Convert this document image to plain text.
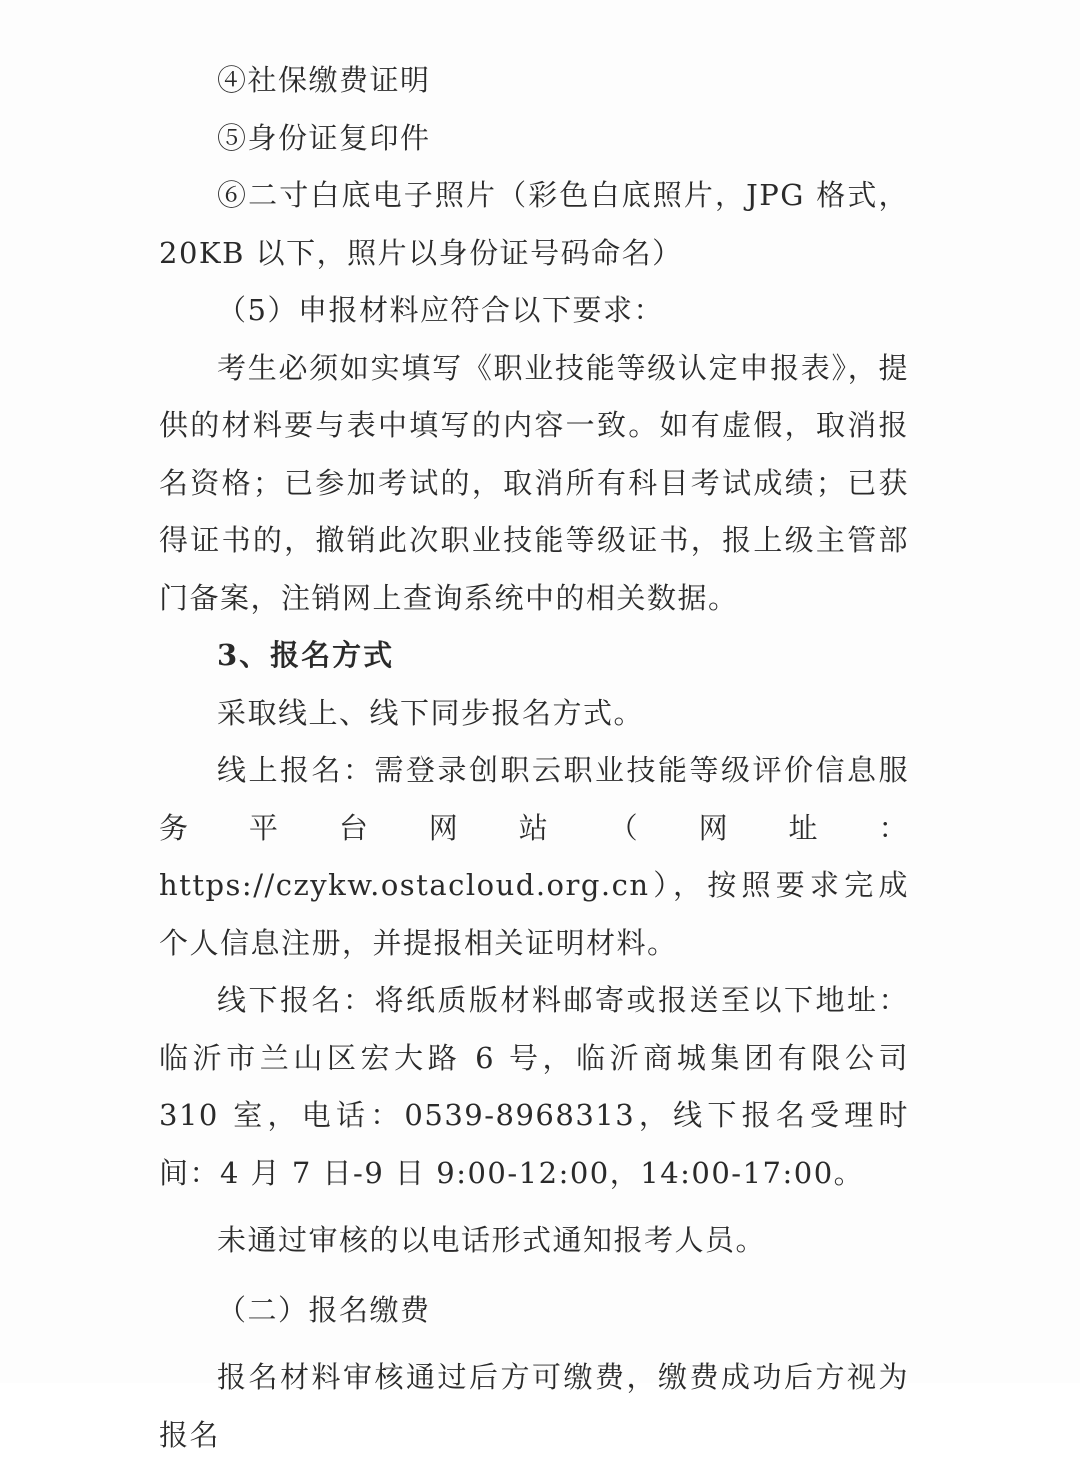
④社保缴费证明

⑤身份证复印件

⑥二寸白底电子照片（彩色白底照片，JPG 格式，20KB 以下，照片以身份证号码命名）

（5）申报材料应符合以下要求：

考生必须如实填写《职业技能等级认定申报表》，提供的材料要与表中填写的内容一致。如有虚假，取消报名资格；已参加考试的，取消所有科目考试成绩；已获得证书的，撤销此次职业技能等级证书，报上级主管部门备案，注销网上查询系统中的相关数据。

3、报名方式

采取线上、线下同步报名方式。

线上报名：需登录创职云职业技能等级评价信息服务平台网站（网址：https://czykw.ostacloud.org.cn），按照要求完成个人信息注册，并提报相关证明材料。

线下报名：将纸质版材料邮寄或报送至以下地址：临沂市兰山区宏大路 6 号，临沂商城集团有限公司 310 室，电话：0539-8968313，线下报名受理时间：4 月 7 日-9 日 9:00-12:00，14:00-17:00。

未通过审核的以电话形式通知报考人员。

（二）报名缴费

报名材料审核通过后方可缴费，缴费成功后方视为报名
